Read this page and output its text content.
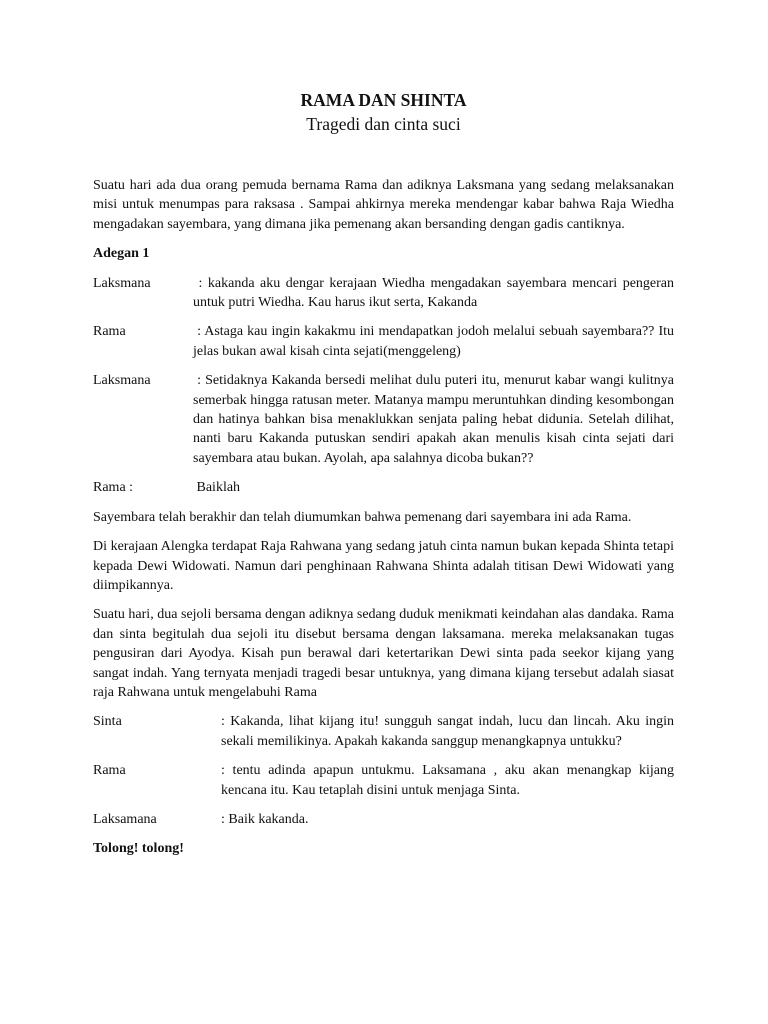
RAMA DAN SHINTA
Tragedi dan cinta suci

Suatu hari ada dua orang pemuda bernama Rama dan adiknya Laksmana yang sedang melaksanakan misi untuk menumpas para raksasa . Sampai ahkirnya mereka mendengar kabar bahwa Raja Wiedha mengadakan sayembara, yang dimana jika pemenang akan bersanding dengan gadis cantiknya.

Adegan 1
Laksmana	: kakanda aku dengar kerajaan Wiedha mengadakan sayembara mencari pengeran untuk putri Wiedha. Kau harus ikut serta, Kakanda
Rama	: Astaga kau ingin kakakmu ini mendapatkan jodoh melalui sebuah sayembara?? Itu jelas bukan awal kisah cinta sejati(menggeleng)
Laksmana	: Setidaknya Kakanda bersedi melihat dulu puteri itu, menurut kabar wangi kulitnya semerbak hingga ratusan meter. Matanya mampu meruntuhkan dinding kesombongan dan hatinya bahkan bisa menaklukkan senjata paling hebat didunia. Setelah dilihat, nanti baru Kakanda putuskan sendiri apakah akan menulis kisah cinta sejati dari sayembara atau bukan. Ayolah, apa salahnya dicoba bukan??
Rama :	Baiklah

Sayembara telah berakhir dan telah diumumkan bahwa pemenang dari sayembara ini ada Rama.

Di kerajaan Alengka terdapat Raja Rahwana yang sedang jatuh cinta namun bukan kepada Shinta tetapi kepada Dewi Widowati. Namun dari penghinaan Rahwana Shinta adalah titisan Dewi Widowati yang diimpikannya.

Suatu hari, dua sejoli bersama dengan adiknya sedang duduk menikmati keindahan alas dandaka. Rama dan sinta begitulah dua sejoli itu disebut bersama dengan laksamana. mereka melaksanakan tugas pengusiran dari Ayodya. Kisah pun berawal dari ketertarikan Dewi sinta pada seekor kijang yang sangat indah. Yang ternyata menjadi tragedi besar untuknya, yang dimana kijang tersebut adalah siasat raja Rahwana untuk mengelabuhi Rama

Sinta	: Kakanda, lihat kijang itu! sungguh sangat indah, lucu dan lincah. Aku ingin sekali memilikinya. Apakah kakanda sanggup menangkapnya untukku?
Rama	: tentu adinda apapun untukmu. Laksamana , aku akan menangkap kijang kencana itu. Kau tetaplah disini untuk menjaga Sinta.
Laksamana	: Baik kakanda.
Tolong! tolong!
